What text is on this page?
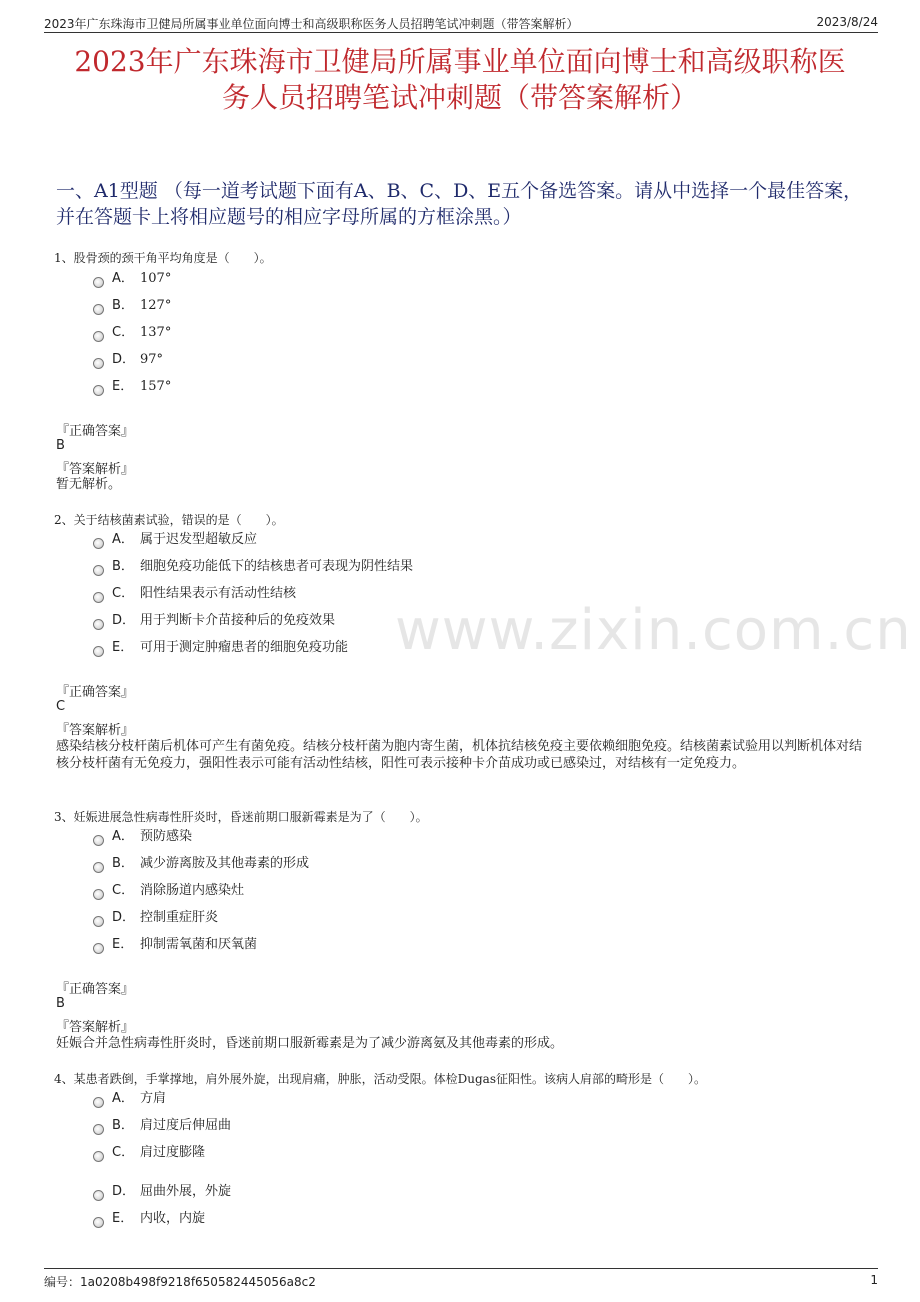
2023年广东珠海市卫健局所属事业单位面向博士和高级职称医务人员招聘笔试冲刺题（带答案解析）	2023/8/24
2023年广东珠海市卫健局所属事业单位面向博士和高级职称医
务人员招聘笔试冲刺题（带答案解析）
一、A1型题 （每一道考试题下面有A、B、C、D、E五个备选答案。请从中选择一个最佳答案，并在答题卡上将相应题号的相应字母所属的方框涂黑。）
www.zixin.com.cn
1、股骨颈的颈干角平均角度是（　　）。
A． 107°
B． 127°
C． 137°
D． 97°
E． 157°
『正确答案』
B
『答案解析』
暂无解析。
2、关于结核菌素试验，错误的是（　　）。
A． 属于迟发型超敏反应
B． 细胞免疫功能低下的结核患者可表现为阴性结果
C． 阳性结果表示有活动性结核
D． 用于判断卡介苗接种后的免疫效果
E． 可用于测定肿瘤患者的细胞免疫功能
『正确答案』
C
『答案解析』
感染结核分枝杆菌后机体可产生有菌免疫。结核分枝杆菌为胞内寄生菌，机体抗结核免疫主要依赖细胞免疫。结核菌素试验用以判断机体对结核分枝杆菌有无免疫力，强阳性表示可能有活动性结核，阳性可表示接种卡介苗成功或已感染过，对结核有一定免疫力。
3、妊娠进展急性病毒性肝炎时，昏迷前期口服新霉素是为了（　　）。
A． 预防感染
B． 减少游离胺及其他毒素的形成
C． 消除肠道内感染灶
D． 控制重症肝炎
E． 抑制需氧菌和厌氧菌
『正确答案』
B
『答案解析』
妊娠合并急性病毒性肝炎时，昏迷前期口服新霉素是为了减少游离氨及其他毒素的形成。
4、某患者跌倒，手掌撑地，肩外展外旋，出现肩痛，肿胀，活动受限。体检Dugas征阳性。该病人肩部的畸形是（　　）。
A． 方肩
B． 肩过度后伸屈曲
C． 肩过度膨隆
D． 屈曲外展，外旋
E． 内收，内旋
编号：1a0208b498f9218f650582445056a8c2	1
